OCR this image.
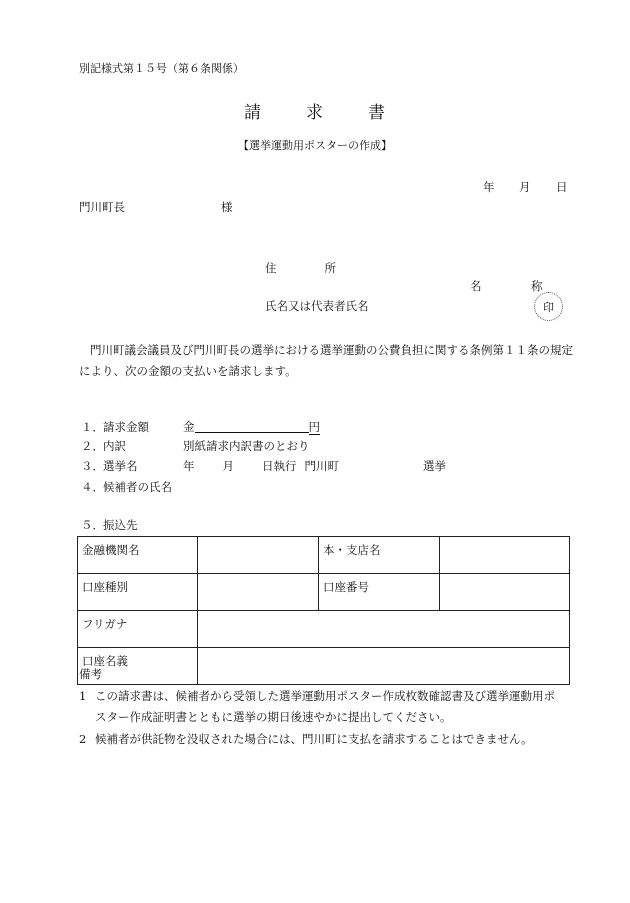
別記様式第１５号（第６条関係）
請	求	書
【選挙運動用ポスターの作成】
年 月 日
門川町長	様
住	所
名	称
氏名又は代表者氏名	印
門川町議会議員及び門川町長の選挙における選挙運動の公費負担に関する条例第１１条の規定により、次の金額の支払いを請求します。
１．請求金額	金	円
２．内訳	別紙請求内訳書のとおり
３．選挙名	年 月 日執行 門川町	選挙
４．候補者の氏名
５．振込先
金融機関名		本・支店名	
口座種別		口座番号	
フリガナ			
口座名義			
備考
1 この請求書は、候補者から受領した選挙運動用ポスター作成枚数確認書及び選挙運動用ポ
スター作成証明書とともに選挙の期日後速やかに提出してください。
2 候補者が供託物を没収された場合には、門川町に支払を請求することはできません。
